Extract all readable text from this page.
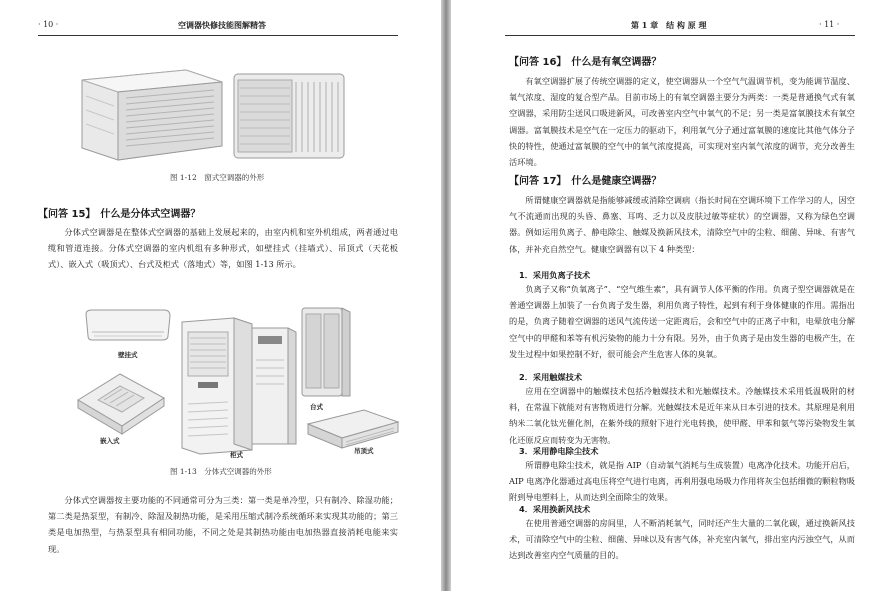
· 10 ·	空调器快修技能图解精答
图 1-12　窗式空调器的外形
【问答 15】　什么是分体式空调器？

分体式空调器是在整体式空调器的基础上发展起来的，由室内机和室外机组成，两者通过电缆和管道连接。分体式空调器的室内机组有多种形式，如壁挂式（挂墙式）、吊顶式（天花板式）、嵌入式（吸顶式）、台式及柜式（落地式）等，如图 1-13 所示。

壁挂式
嵌入式
柜式
台式
吊顶式
图 1-13　分体式空调器的外形

分体式空调器按主要功能的不同通常可分为三类：第一类是单冷型，只有制冷、除湿功能；第二类是热泵型，有制冷、除湿及制热功能，是采用压缩式制冷系统循环来实现其功能的；第三类是电加热型，与热泵型具有相同功能，不同之处是其制热功能由电加热器直接消耗电能来实现。

第 1 章　结 构 原 理	· 11 ·
【问答 16】　什么是有氧空调器？

有氧空调器扩展了传统空调器的定义，使空调器从一个空气气温调节机，变为能调节温度、氧气浓度、湿度的复合型产品。目前市场上的有氧空调器主要分为两类：一类是普通换气式有氧空调器，采用防尘送风口吸进新风，可改善室内空气中氧气的不足；另一类是富氧膜技术有氧空调器。富氧膜技术是空气在一定压力的驱动下，利用氧气分子通过富氧膜的速度比其他气体分子快的特性，使通过富氧膜的空气中的氧气浓度提高，可实现对室内氧气浓度的调节，充分改善生活环境。

【问答 17】　什么是健康空调器？

所谓健康空调器就是指能够减缓或消除空调病（指长时间在空调环境下工作学习的人，因空气不流通而出现的头昏、鼻塞、耳鸣、乏力以及皮肤过敏等症状）的空调器，又称为绿色空调器。例如运用负离子、静电除尘、触媒及换新风技术，清除空气中的尘粒、细菌、异味、有害气体，并补充自然空气。健康空调器有以下 4 种类型：

1．采用负离子技术

负离子又称“负氧离子”、“空气维生素”，具有调节人体平衡的作用。负离子型空调器就是在普通空调器上加装了一台负离子发生器，利用负离子特性，起到有利于身体健康的作用。需指出的是，负离子随着空调器的送风气流传送一定距离后，会和空气中的正离子中和，电晕放电分解空气中的甲醛和苯等有机污染物的能力十分有限。另外，由于负离子是由发生器的电极产生，在发生过程中如果控制不好，很可能会产生危害人体的臭氧。

2．采用触媒技术

应用在空调器中的触媒技术包括冷触媒技术和光触媒技术。冷触媒技术采用低温吸附的材料，在常温下就能对有害物质进行分解。光触媒技术是近年来从日本引进的技术。其原理是利用纳米二氧化钛光催化剂，在紫外线的照射下进行光电转换，使甲醛、甲苯和氨气等污染物发生氧化还原反应而转变为无害物。

3．采用静电除尘技术

所谓静电除尘技术，就是指 AIP（自动氧气消耗与生成装置）电离净化技术。功能开启后，AIP 电离净化器通过高电压将空气进行电离，再利用强电场吸力作用将灰尘包括细微的颗粒物吸附到导电塑料上，从而达到全面除尘的效果。

4．采用换新风技术

在使用普通空调器的房间里，人不断消耗氧气，同时还产生大量的二氧化碳，通过换新风技术，可清除空气中的尘粒、细菌、异味以及有害气体，补充室内氧气，排出室内污浊空气，从而达到改善室内空气质量的目的。
